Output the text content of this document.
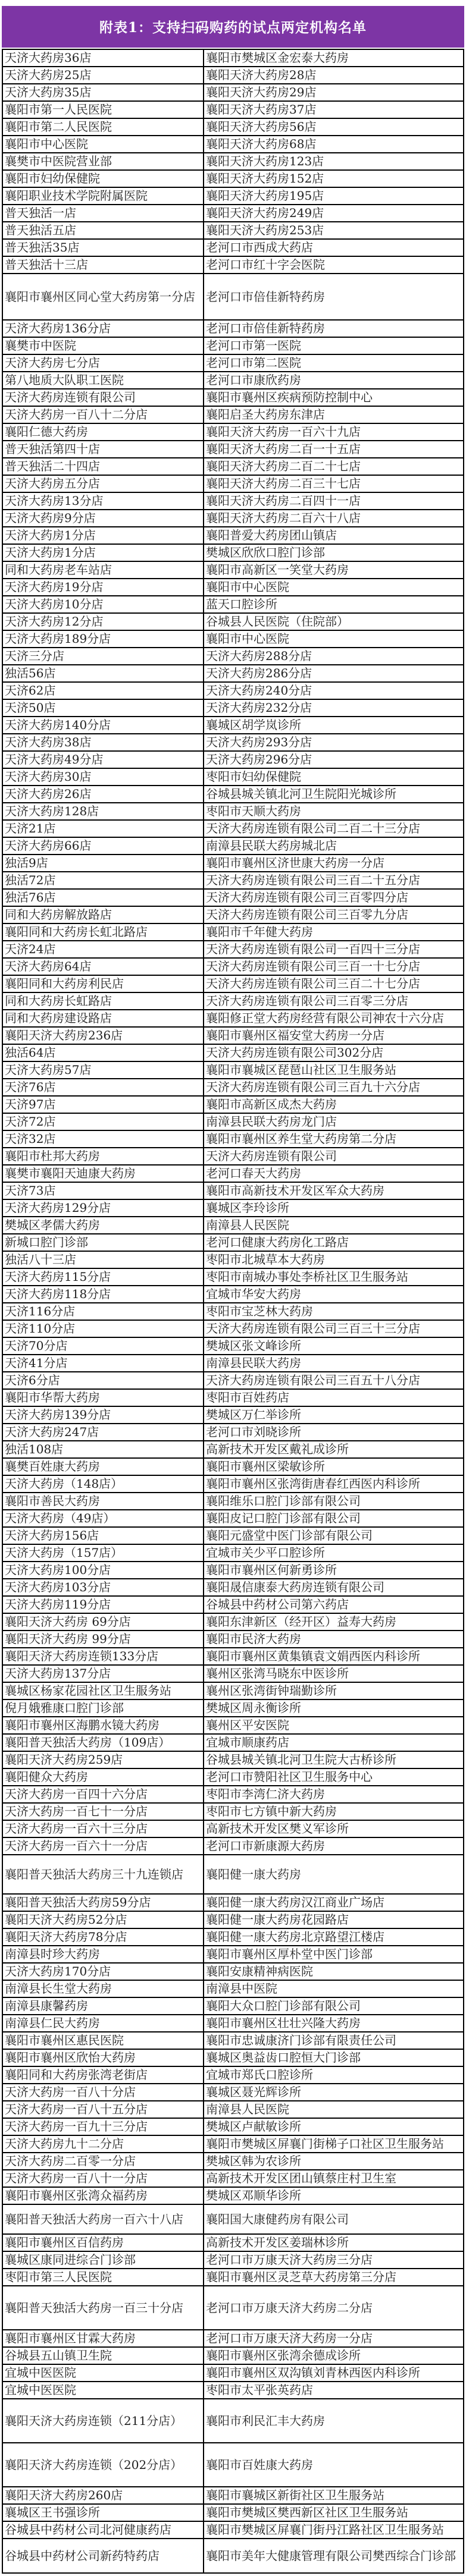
附表1：支持扫码购药的试点两定机构名单
天济大药房36店	襄阳市樊城区金宏泰大药房
天济大药房25店	襄阳天济大药房28店
天济大药房35店	襄阳天济大药房29店
襄阳市第一人民医院	襄阳天济大药房37店
襄阳市第二人民医院	襄阳天济大药房56店
襄阳市中心医院	襄阳天济大药房68店
襄樊市中医院营业部	襄阳天济大药房123店
襄阳市妇幼保健院	襄阳天济大药房152店
襄阳职业技术学院附属医院	襄阳天济大药房195店
普天独活一店	襄阳天济大药房249店
普天独活五店	襄阳天济大药房253店
普天独活35店	老河口市西成大药店
普天独活十三店	老河口市红十字会医院
襄阳市襄州区同心堂大药房第一分店	老河口市倍佳新特药房
天济大药房136分店	老河口市倍佳新特药房
襄樊市中医院	老河口市第一医院
天济大药房七分店	老河口市第二医院
第八地质大队职工医院	老河口市康欣药房
天济大药房连锁有限公司	襄阳市襄州区疾病预防控制中心
天济大药房一百八十二分店	襄阳启圣大药房东津店
襄阳仁德大药房	襄阳天济大药房一百六十九店
普天独活第四十店	襄阳天济大药房二百一十五店
普天独活二十四店	襄阳天济大药房二百二十七店
天济大药房五分店	襄阳天济大药房二百三十七店
天济大药房13分店	襄阳天济大药房二百四十一店
天济大药房9分店	襄阳天济大药房二百六十八店
天济大药房1分店	襄阳普爱大药房团山镇店
天济大药房1分店	樊城区欣欣口腔门诊部
同和大药房老车站店	襄阳市高新区一笑堂大药房
天济大药房19分店	襄阳市中心医院
天济大药房10分店	蓝天口腔诊所
天济大药房12分店	谷城县人民医院（住院部）
天济大药房189分店	襄阳市中心医院
天济三分店	天济大药房288分店
独活56店	天济大药房286分店
天济62店	天济大药房240分店
天济50店	天济大药房232分店
天济大药房140分店	襄城区胡学岚诊所
天济大药房38店	天济大药房293分店
天济大药房49分店	天济大药房296分店
天济大药房30店	枣阳市妇幼保健院
天济大药房26店	谷城县城关镇北河卫生院阳光城诊所
天济大药房128店	枣阳市天顺大药房
天济21店	天济大药房连锁有限公司二百二十三分店
天济大药房66店	南漳县民联大药房城北店
独活9店	襄阳市襄州区济世康大药房一分店
独活72店	天济大药房连锁有限公司三百二十五分店
独活76店	天济大药房连锁有限公司三百零四分店
同和大药房解放路店	天济大药房连锁有限公司三百零九分店
襄阳同和大药房长虹北路店	襄阳市千年健大药房
天济24店	天济大药房连锁有限公司一百四十三分店
天济大药房64店	天济大药房连锁有限公司三百一十七分店
襄阳同和大药房利民店	天济大药房连锁有限公司三百二十七分店
同和大药房长虹路店	天济大药房连锁有限公司三百零三分店
同和大药房建设路店	襄阳修正堂大药房经营有限公司神农十六分店
襄阳天济大药房236店	襄阳市襄州区福安堂大药房一分店
独活64店	天济大药房连锁有限公司302分店
天济大药房57店	襄阳市襄城区琵琶山社区卫生服务站
天济76店	天济大药房连锁有限公司三百九十六分店
天济97店	襄阳市高新区成杰大药房
天济72店	南漳县民联大药房龙门店
天济32店	襄阳市襄州区养生堂大药房第二分店
襄阳市杜邦大药房	天济大药房连锁有限公司
襄樊市襄阳天迪康大药房	老河口春天大药房
天济73店	襄阳市高新技术开发区军众大药房
天济大药房129分店	襄城区李玲诊所
樊城区孝儒大药房	南漳县人民医院
新城口腔门诊部	老河口健康大药房化工路店
独活八十三店	枣阳市北城草本大药房
天济大药房115分店	枣阳市南城办事处李桥社区卫生服务站
天济大药房118分店	宜城市华安大药房
天济116分店	枣阳市宝芝林大药房
天济110分店	天济大药房连锁有限公司三百三十三分店
天济70分店	樊城区张文峰诊所
天济41分店	南漳县民联大药房
天济6分店	天济大药房连锁有限公司三百五十八分店
襄阳市华帮大药房	枣阳市百姓药店
天济大药房139分店	樊城区万仁举诊所
天济大药房247店	老河口市刘晓诊所
独活108店	高新技术开发区戴礼成诊所
襄樊百姓康大药房	襄阳市襄州区梁敏诊所
天济大药房（148店）	襄阳市襄州区张湾街唐春红西医内科诊所
襄阳市善民大药房	襄阳维乐口腔门诊部有限公司
天济大药房（49店）	襄阳皮记口腔门诊部有限公司
天济大药房156店	襄阳元盛堂中医门诊部有限公司
天济大药房（157店）	宜城市关少平口腔诊所
天济大药房100分店	襄阳市襄州区何新勇诊所
天济大药房103分店	襄阳晟信康泰大药房连锁有限公司
天济大药房119分店	谷城县中药材公司第六药店
襄阳天济大药房 69分店	襄阳东津新区（经开区）益寿大药房
襄阳天济大药房 99分店	襄阳市民济大药房
襄阳天济大药房连锁133分店	襄阳市襄州区黄集镇袁文娟西医内科诊所
天济大药房137分店	襄州区张湾马晓东中医诊所
襄城区杨家花园社区卫生服务站	襄州区张湾街钟瑞勤诊所
倪月娥雅康口腔门诊部	樊城区周永衡诊所
襄阳市襄州区海鹏水镜大药房	襄州区平安医院
襄阳普天独活大药房（109店）	宜城市顺康药店
襄阳天济大药房259店	谷城县城关镇北河卫生院大古桥诊所
襄阳健众大药房	老河口市赞阳社区卫生服务中心
天济大药房一百四十六分店	枣阳市李湾仁济大药房
天济大药房一百七十一分店	枣阳市七方镇中新大药房
天济大药房一百六十三分店	高新技术开发区樊义军诊所
天济大药房一百六十一分店	老河口市新康源大药房
襄阳普天独活大药房三十九连锁店	襄阳健一康大药房
襄阳普天独活大药房59分店	襄阳健一康大药房汉江商业广场店
襄阳天济大药房52分店	襄阳健一康大药房花园路店
襄阳天济大药房78分店	襄阳健一康大药房北京路望江楼店
南漳县时珍大药房	襄阳市襄州区厚朴堂中医门诊部
天济大药房170分店	襄阳安康精神病医院
南漳县长生堂大药房	南漳县中医院
南漳县康馨药房	襄阳大众口腔门诊部有限公司
南漳县仁民大药房	襄阳市襄州区壮壮兴隆大药房
襄阳市襄州区惠民医院	襄阳市忠诚康济门诊部有限责任公司
襄阳市襄州区欣怡大药房	襄城区奥益齿口腔恒大门诊部
襄阳同和大药房张湾老街店	宜城市郑氏口腔诊所
天济大药房一百八十分店	襄城区聂光辉诊所
天济大药房一百八十五分店	南漳县人民医院
天济大药房一百九十三分店	樊城区卢献敏诊所
天济大药房九十二分店	襄阳市樊城区屏襄门街梯子口社区卫生服务站
天济大药房二百零一分店	樊城区韩为农诊所
天济大药房一百八十一分店	高新技术开发区团山镇蔡庄村卫生室
襄阳市襄州区张湾众福药房	樊城区邓顺华诊所
襄阳普天独活大药房一百六十八店	襄阳国大康健药房有限公司
襄阳市襄州区百信药房	高新技术开发区姜瑞林诊所
襄城区康同进综合门诊部	老河口市万康天济大药房三分店
枣阳市第三人民医院	襄阳市襄州区灵芝草大药房第三分店
襄阳普天独活大药房一百三十分店	老河口市万康天济大药房二分店
襄阳市襄州区甘霖大药房	老河口市万康天济大药房一分店
谷城县五山镇卫生院	襄阳市襄州区张湾余德成诊所
宜城中医医院	襄阳市襄州区双沟镇刘青林西医内科诊所
宜城中医医院	枣阳市太平张英药店
襄阳天济大药房连锁（211分店）	襄阳市利民汇丰大药房
襄阳天济大药房连锁（202分店）	襄阳市百姓康大药房
襄阳天济大药房260店	襄阳市襄城区新街社区卫生服务站
襄城区王书强诊所	襄阳市樊城区樊西新区社区卫生服务站
谷城县中药材公司北河健康药店	襄阳市樊城区屏襄门街丹江路社区卫生服务站
谷城县中药材公司新药特药店	襄阳市美年大健康管理有限公司樊西综合门诊部
